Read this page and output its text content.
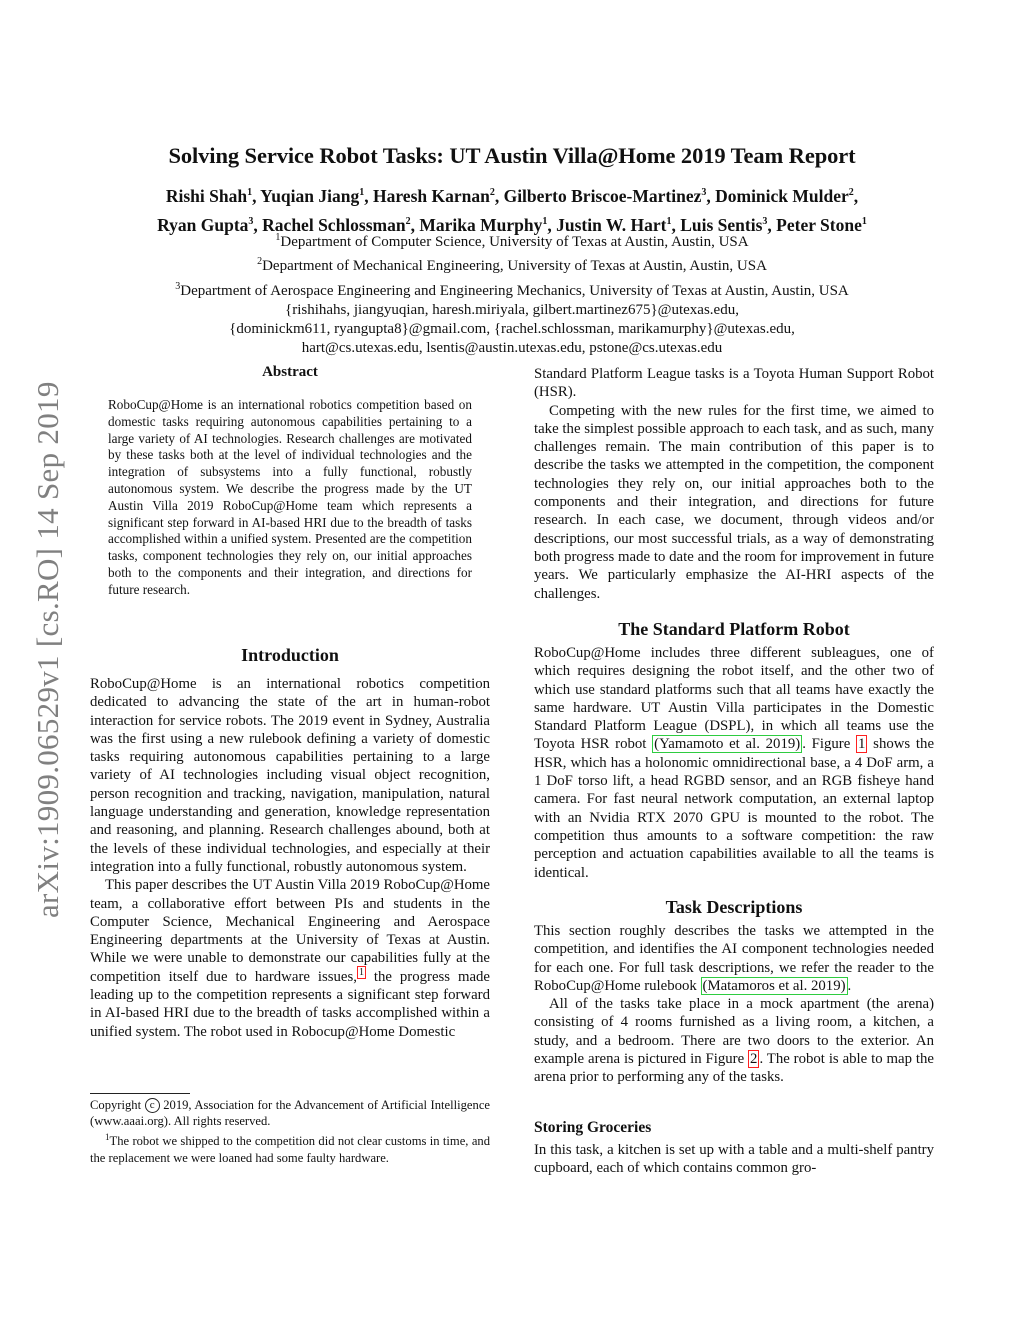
arXiv:1909.06529v1 [cs.RO] 14 Sep 2019
Solving Service Robot Tasks: UT Austin Villa@Home 2019 Team Report
Rishi Shah$^1$, Yuqian Jiang$^1$, Haresh Karnan$^2$, Gilberto Briscoe-Martinez$^3$, Dominick Mulder$^2$,
Ryan Gupta$^3$, Rachel Schlossman$^2$, Marika Murphy$^1$, Justin W. Hart$^1$, Luis Sentis$^3$, Peter Stone$^1$
$^1$Department of Computer Science, University of Texas at Austin, Austin, USA
$^2$Department of Mechanical Engineering, University of Texas at Austin, Austin, USA
$^3$Department of Aerospace Engineering and Engineering Mechanics, University of Texas at Austin, Austin, USA
{rishihahs, jiangyuqian, haresh.miriyala, gilbert.martinez675}@utexas.edu,
{dominickm611, ryangupta8}@gmail.com, {rachel.schlossman, marikamurphy}@utexas.edu,
hart@cs.utexas.edu, lsentis@austin.utexas.edu, pstone@cs.utexas.edu
Abstract
RoboCup@Home is an international robotics competition based on domestic tasks requiring autonomous capabilities pertaining to a large variety of AI technologies. Research challenges are motivated by these tasks both at the level of individual technologies and the integration of subsystems into a fully functional, robustly autonomous system. We describe the progress made by the UT Austin Villa 2019 RoboCup@Home team which represents a significant step forward in AI-based HRI due to the breadth of tasks accomplished within a unified system. Presented are the competition tasks, component technologies they rely on, our initial approaches both to the components and their integration, and directions for future research.
Introduction

RoboCup@Home is an international robotics competition dedicated to advancing the state of the art in human-robot interaction for service robots. The 2019 event in Sydney, Australia was the first using a new rulebook defining a variety of domestic tasks requiring autonomous capabilities pertaining to a large variety of AI technologies including visual object recognition, person recognition and tracking, navigation, manipulation, natural language understanding and generation, knowledge representation and reasoning, and planning. Research challenges abound, both at the levels of these individual technologies, and especially at their integration into a fully functional, robustly autonomous system.

This paper describes the UT Austin Villa 2019 RoboCup@Home team, a collaborative effort between PIs and students in the Computer Science, Mechanical Engineering and Aerospace Engineering departments at the University of Texas at Austin. While we were unable to demonstrate our capabilities fully at the competition itself due to hardware issues, $^1$ the progress made leading up to the competition represents a significant step forward in AI-based HRI due to the breadth of tasks accomplished within a unified system. The robot used in Robocup@Home Domestic

Copyright c 2019, Association for the Advancement of Artificial Intelligence (www.aaai.org). All rights reserved.

$^1$The robot we shipped to the competition did not clear customs in time, and the replacement we were loaned had some faulty hardware.

Standard Platform League tasks is a Toyota Human Support Robot (HSR).

Competing with the new rules for the first time, we aimed to take the simplest possible approach to each task, and as such, many challenges remain. The main contribution of this paper is to describe the tasks we attempted in the competition, the component technologies they rely on, our initial approaches both to the components and their integration, and directions for future research. In each case, we document, through videos and/or descriptions, our most successful trials, as a way of demonstrating both progress made to date and the room for improvement in future years. We particularly emphasize the AI-HRI aspects of the challenges.

The Standard Platform Robot

RoboCup@Home includes three different subleagues, one of which requires designing the robot itself, and the other two of which use standard platforms such that all teams have exactly the same hardware. UT Austin Villa participates in the Domestic Standard Platform League (DSPL), in which all teams use the Toyota HSR robot (Yamamoto et al. 2019) . Figure 1 shows the HSR, which has a holonomic omnidirectional base, a 4 DoF arm, a 1 DoF torso lift, a head RGBD sensor, and an RGB fisheye hand camera. For fast neural network computation, an external laptop with an Nvidia RTX 2070 GPU is mounted to the robot. The competition thus amounts to a software competition: the raw perception and actuation capabilities available to all the teams is identical.

Task Descriptions

This section roughly describes the tasks we attempted in the competition, and identifies the AI component technologies needed for each one. For full task descriptions, we refer the reader to the RoboCup@Home rulebook (Matamoros et al. 2019) .

All of the tasks take place in a mock apartment (the arena) consisting of 4 rooms furnished as a living room, a kitchen, a study, and a bedroom. There are two doors to the exterior. An example arena is pictured in Figure 2 . The robot is able to map the arena prior to performing any of the tasks.

Storing Groceries
In this task, a kitchen is set up with a table and a multi-shelf pantry cupboard, each of which contains common gro-
